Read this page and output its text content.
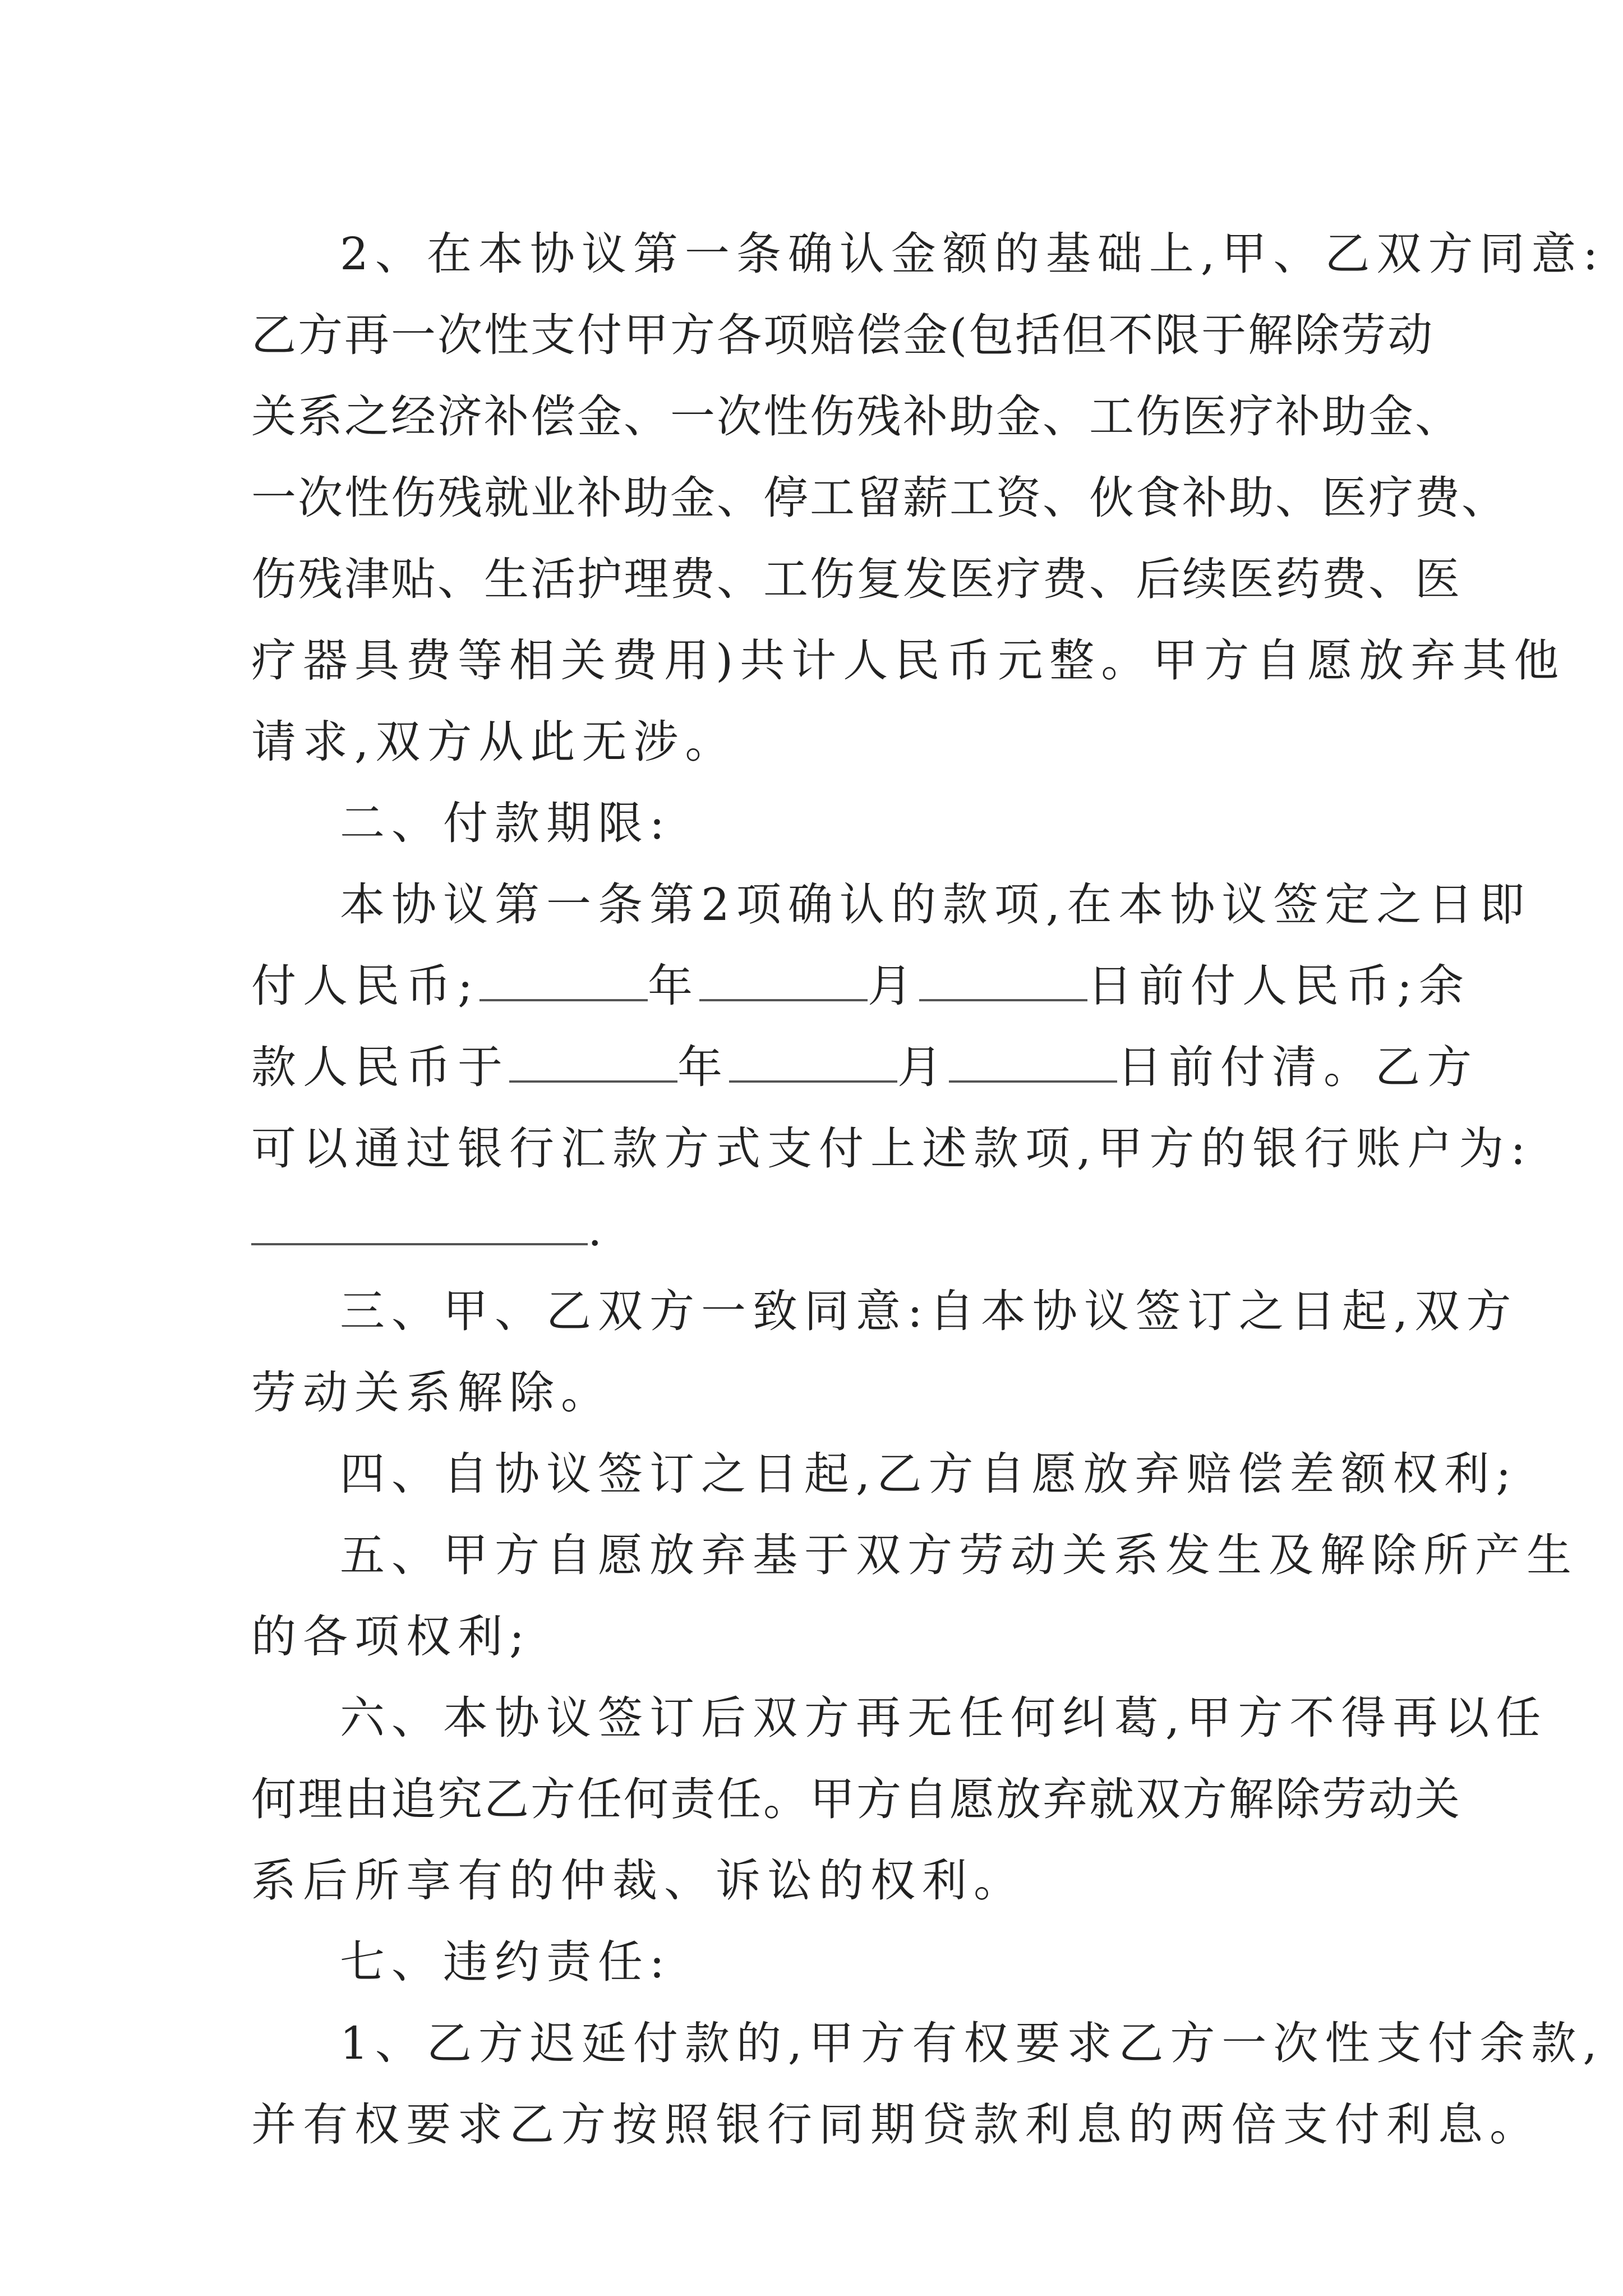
2、在本协议第一条确认金额的基础上,甲、乙双方同意:
乙方再一次性支付甲方各项赔偿金(包括但不限于解除劳动
关系之经济补偿金、一次性伤残补助金、工伤医疗补助金、
一次性伤残就业补助金、停工留薪工资、伙食补助、医疗费、
伤残津贴、生活护理费、工伤复发医疗费、后续医药费、医
疗器具费等相关费用)共计人民币元整。甲方自愿放弃其他
请求,双方从此无涉。
二、付款期限:
本协议第一条第2项确认的款项,在本协议签定之日即
付人民币;	年	月	日前付人民币;余
款人民币于	年	月	日前付清。乙方
可以通过银行汇款方式支付上述款项,甲方的银行账户为:
.
三、甲、乙双方一致同意:自本协议签订之日起,双方
劳动关系解除。
四、自协议签订之日起,乙方自愿放弃赔偿差额权利;
五、甲方自愿放弃基于双方劳动关系发生及解除所产生
的各项权利;
六、本协议签订后双方再无任何纠葛,甲方不得再以任
何理由追究乙方任何责任。甲方自愿放弃就双方解除劳动关
系后所享有的仲裁、诉讼的权利。
七、违约责任:
1、乙方迟延付款的,甲方有权要求乙方一次性支付余款,
并有权要求乙方按照银行同期贷款利息的两倍支付利息。
